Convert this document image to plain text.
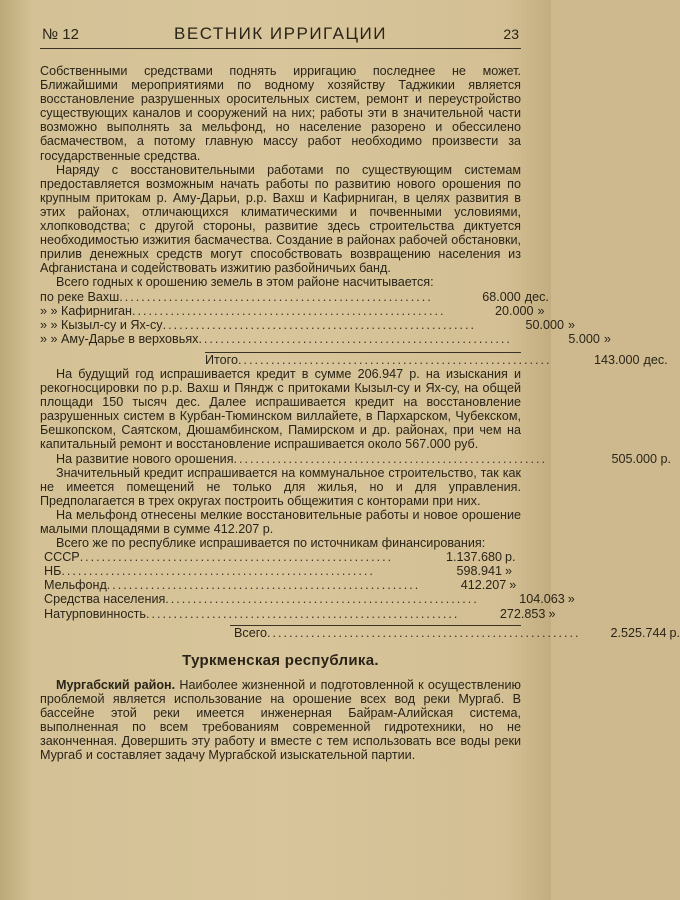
№ 12	ВЕСТНИК ИРРИГАЦИИ	23

Собственными средствами поднять ирригацию последнее не может. Ближайшими мероприятиями по водному хозяйству Таджикии является восстановление разрушенных оросительных систем, ремонт и переустройство существующих каналов и сооружений на них; работы эти в значительной части возможно выполнять за мельфонд, но население разорено и обессилено басмачеством, а потому главную массу работ необходимо произвести за государственные средства.

Наряду с восстановительными работами по существующим системам предоставляется возможным начать работы по развитию нового орошения по крупным притокам р. Аму-Дарьи, р.р. Вахш и Кафирниган, в целях развития в этих районах, отличающихся климатическими и почвенными условиями, хлопководства; с другой стороны, развитие здесь строительства диктуется необходимостью изжития басмачества. Создание в районах рабочей обстановки, прилив денежных средств могут способствовать возвращению населения из Афганистана и содействовать изжитию разбойничьих банд.

Всего годных к орошению земель в этом районе насчитывается:

по реке Вахш .........................................................	68.000 дес.
» » Кафирниган .........................................................	20.000 »
» » Кызыл-су и Ях-су .........................................................	50.000 »
» » Аму-Дарье в верховьях .........................................................	5.000 »
Итого .........................................................	143.000 дес.

На будущий год испрашивается кредит в сумме 206.947 р. на изыскания и рекогносцировки по р.р. Вахш и Пяндж с притоками Кызыл-су и Ях-су, на общей площади 150 тысяч дес. Далее испрашивается кредит на восстановление разрушенных систем в Курбан-Тюминском виллайете, в Пархарском, Чубекском, Бешкопском, Саятском, Дюшамбинском, Памирском и др. районах, при чем на капитальный ремонт и восстановление испрашивается около 567.000 руб.

На развитие нового орошения .........................................................	505.000 р.

Значительный кредит испрашивается на коммунальное строительство, так как не имеется помещений не только для жилья, но и для управления. Предполагается в трех округах построить общежития с конторами при них.

На мельфонд отнесены мелкие восстановительные работы и новое орошение малыми площадями в сумме 412.207 р.

Всего же по республике испрашивается по источникам финансирования:

СССР .........................................................	1.137.680 р.
НБ .........................................................	598.941 »
Мельфонд .........................................................	412.207 »
Средства населения .........................................................	104.063 »
Натурповинность .........................................................	272.853 »
Всего .........................................................	2.525.744 р.
Туркменская республика.

Мургабский район. Наиболее жизненной и подготовленной к осуществлению проблемой является использование на орошение всех вод реки Мургаб. В бассейне этой реки имеется инженерная Байрам-Алийская система, выполненная по всем требованиям современной гидротехники, но не законченная. Довершить эту работу и вместе с тем использовать все воды реки Мургаб и составляет задачу Мургабской изыскательной партии.
